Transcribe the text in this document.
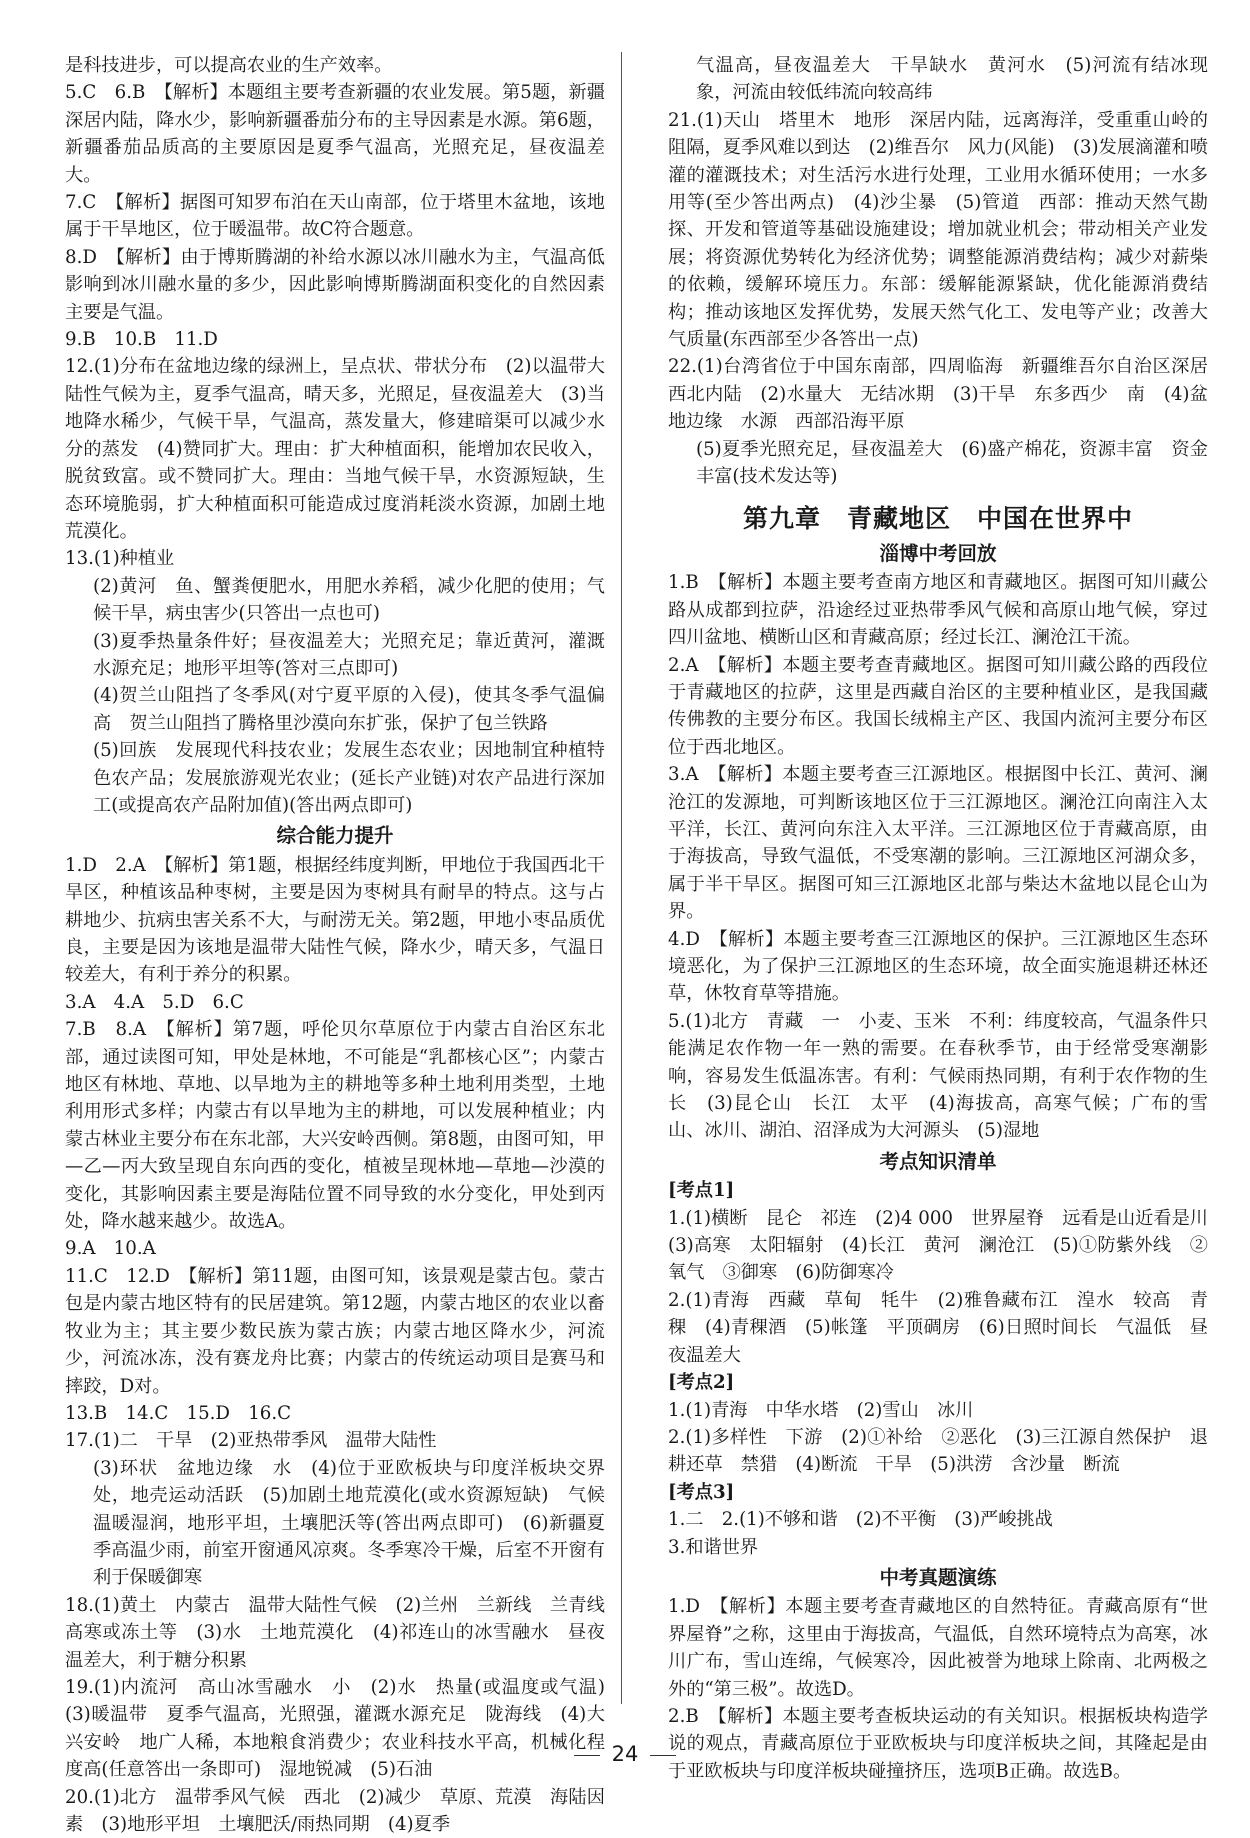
是科技进步，可以提高农业的生产效率。

5.C　6.B　【解析】本题组主要考查新疆的农业发展。第5题，新疆深居内陆，降水少，影响新疆番茄分布的主导因素是水源。第6题，新疆番茄品质高的主要原因是夏季气温高，光照充足，昼夜温差大。

7.C　【解析】据图可知罗布泊在天山南部，位于塔里木盆地，该地属于干旱地区，位于暖温带。故C符合题意。

8.D　【解析】由于博斯腾湖的补给水源以冰川融水为主，气温高低影响到冰川融水量的多少，因此影响博斯腾湖面积变化的自然因素主要是气温。

9.B　10.B　11.D

12.(1)分布在盆地边缘的绿洲上，呈点状、带状分布　(2)以温带大陆性气候为主，夏季气温高，晴天多，光照足，昼夜温差大　(3)当地降水稀少，气候干旱，气温高，蒸发量大，修建暗渠可以减少水分的蒸发　(4)赞同扩大。理由：扩大种植面积，能增加农民收入，脱贫致富。或不赞同扩大。理由：当地气候干旱，水资源短缺，生态环境脆弱，扩大种植面积可能造成过度消耗淡水资源，加剧土地荒漠化。

13.(1)种植业

(2)黄河　鱼、蟹粪便肥水，用肥水养稻，减少化肥的使用；气候干旱，病虫害少(只答出一点也可)

(3)夏季热量条件好；昼夜温差大；光照充足；靠近黄河，灌溉水源充足；地形平坦等(答对三点即可)

(4)贺兰山阻挡了冬季风(对宁夏平原的入侵)，使其冬季气温偏高　贺兰山阻挡了腾格里沙漠向东扩张，保护了包兰铁路

(5)回族　发展现代科技农业；发展生态农业；因地制宜种植特色农产品；发展旅游观光农业；(延长产业链)对农产品进行深加工(或提高农产品附加值)(答出两点即可)

综合能力提升

1.D　2.A　【解析】第1题，根据经纬度判断，甲地位于我国西北干旱区，种植该品种枣树，主要是因为枣树具有耐旱的特点。这与占耕地少、抗病虫害关系不大，与耐涝无关。第2题，甲地小枣品质优良，主要是因为该地是温带大陆性气候，降水少，晴天多，气温日较差大，有利于养分的积累。

3.A　4.A　5.D　6.C

7.B　8.A　【解析】第7题，呼伦贝尔草原位于内蒙古自治区东北部，通过读图可知，甲处是林地，不可能是“乳都核心区”；内蒙古地区有林地、草地、以旱地为主的耕地等多种土地利用类型，土地利用形式多样；内蒙古有以旱地为主的耕地，可以发展种植业；内蒙古林业主要分布在东北部，大兴安岭西侧。第8题，由图可知，甲—乙—丙大致呈现自东向西的变化，植被呈现林地—草地—沙漠的变化，其影响因素主要是海陆位置不同导致的水分变化，甲处到丙处，降水越来越少。故选A。

9.A　10.A

11.C　12.D　【解析】第11题，由图可知，该景观是蒙古包。蒙古包是内蒙古地区特有的民居建筑。第12题，内蒙古地区的农业以畜牧业为主；其主要少数民族为蒙古族；内蒙古地区降水少，河流少，河流冰冻，没有赛龙舟比赛；内蒙古的传统运动项目是赛马和摔跤，D对。

13.B　14.C　15.D　16.C

17.(1)二　干旱　(2)亚热带季风　温带大陆性

(3)环状　盆地边缘　水　(4)位于亚欧板块与印度洋板块交界处，地壳运动活跃　(5)加剧土地荒漠化(或水资源短缺)　气候温暖湿润，地形平坦，土壤肥沃等(答出两点即可)　(6)新疆夏季高温少雨，前室开窗通风凉爽。冬季寒冷干燥，后室不开窗有利于保暖御寒

18.(1)黄土　内蒙古　温带大陆性气候　(2)兰州　兰新线　兰青线　高寒或冻土等　(3)水　土地荒漠化　(4)祁连山的冰雪融水　昼夜温差大，利于糖分积累

19.(1)内流河　高山冰雪融水　小　(2)水　热量(或温度或气温)　(3)暖温带　夏季气温高，光照强，灌溉水源充足　陇海线　(4)大兴安岭　地广人稀，本地粮食消费少；农业科技水平高，机械化程度高(任意答出一条即可)　湿地锐减　(5)石油

20.(1)北方　温带季风气候　西北　(2)减少　草原、荒漠　海陆因素　(3)地形平坦　土壤肥沃/雨热同期　(4)夏季

气温高，昼夜温差大　干旱缺水　黄河水　(5)河流有结冰现象，河流由较低纬流向较高纬

21.(1)天山　塔里木　地形　深居内陆，远离海洋，受重重山岭的阻隔，夏季风难以到达　(2)维吾尔　风力(风能)　(3)发展滴灌和喷灌的灌溉技术；对生活污水进行处理，工业用水循环使用；一水多用等(至少答出两点)　(4)沙尘暴　(5)管道　西部：推动天然气勘探、开发和管道等基础设施建设；增加就业机会；带动相关产业发展；将资源优势转化为经济优势；调整能源消费结构；减少对薪柴的依赖，缓解环境压力。东部：缓解能源紧缺，优化能源消费结构；推动该地区发挥优势，发展天然气化工、发电等产业；改善大气质量(东西部至少各答出一点)

22.(1)台湾省位于中国东南部，四周临海　新疆维吾尔自治区深居西北内陆　(2)水量大　无结冰期　(3)干旱　东多西少　南　(4)盆地边缘　水源　西部沿海平原

(5)夏季光照充足，昼夜温差大　(6)盛产棉花，资源丰富　资金丰富(技术发达等)

第九章　青藏地区　中国在世界中
淄博中考回放

1.B　【解析】本题主要考查南方地区和青藏地区。据图可知川藏公路从成都到拉萨，沿途经过亚热带季风气候和高原山地气候，穿过四川盆地、横断山区和青藏高原；经过长江、澜沧江干流。

2.A　【解析】本题主要考查青藏地区。据图可知川藏公路的西段位于青藏地区的拉萨，这里是西藏自治区的主要种植业区，是我国藏传佛教的主要分布区。我国长绒棉主产区、我国内流河主要分布区位于西北地区。

3.A　【解析】本题主要考查三江源地区。根据图中长江、黄河、澜沧江的发源地，可判断该地区位于三江源地区。澜沧江向南注入太平洋，长江、黄河向东注入太平洋。三江源地区位于青藏高原，由于海拔高，导致气温低，不受寒潮的影响。三江源地区河湖众多，属于半干旱区。据图可知三江源地区北部与柴达木盆地以昆仑山为界。

4.D　【解析】本题主要考查三江源地区的保护。三江源地区生态环境恶化，为了保护三江源地区的生态环境，故全面实施退耕还林还草，休牧育草等措施。

5.(1)北方　青藏　一　小麦、玉米　不利：纬度较高，气温条件只能满足农作物一年一熟的需要。在春秋季节，由于经常受寒潮影响，容易发生低温冻害。有利：气候雨热同期，有利于农作物的生长　(3)昆仑山　长江　太平　(4)海拔高，高寒气候；广布的雪山、冰川、湖泊、沼泽成为大河源头　(5)湿地

考点知识清单

[考点1]

1.(1)横断　昆仑　祁连　(2)4 000　世界屋脊　远看是山近看是川　(3)高寒　太阳辐射　(4)长江　黄河　澜沧江　(5)①防紫外线　②氧气　③御寒　(6)防御寒冷

2.(1)青海　西藏　草甸　牦牛　(2)雅鲁藏布江　湟水　较高　青稞　(4)青稞酒　(5)帐篷　平顶碉房　(6)日照时间长　气温低　昼夜温差大

[考点2]

1.(1)青海　中华水塔　(2)雪山　冰川

2.(1)多样性　下游　(2)①补给　②恶化　(3)三江源自然保护　退耕还草　禁猎　(4)断流　干旱　(5)洪涝　含沙量　断流

[考点3]

1.二　2.(1)不够和谐　(2)不平衡　(3)严峻挑战

3.和谐世界

中考真题演练

1.D　【解析】本题主要考查青藏地区的自然特征。青藏高原有“世界屋脊”之称，这里由于海拔高，气温低，自然环境特点为高寒，冰川广布，雪山连绵，气候寒冷，因此被誉为地球上除南、北两极之外的“第三极”。故选D。

2.B　【解析】本题主要考查板块运动的有关知识。根据板块构造学说的观点，青藏高原位于亚欧板块与印度洋板块之间，其隆起是由于亚欧板块与印度洋板块碰撞挤压，选项B正确。故选B。

24
